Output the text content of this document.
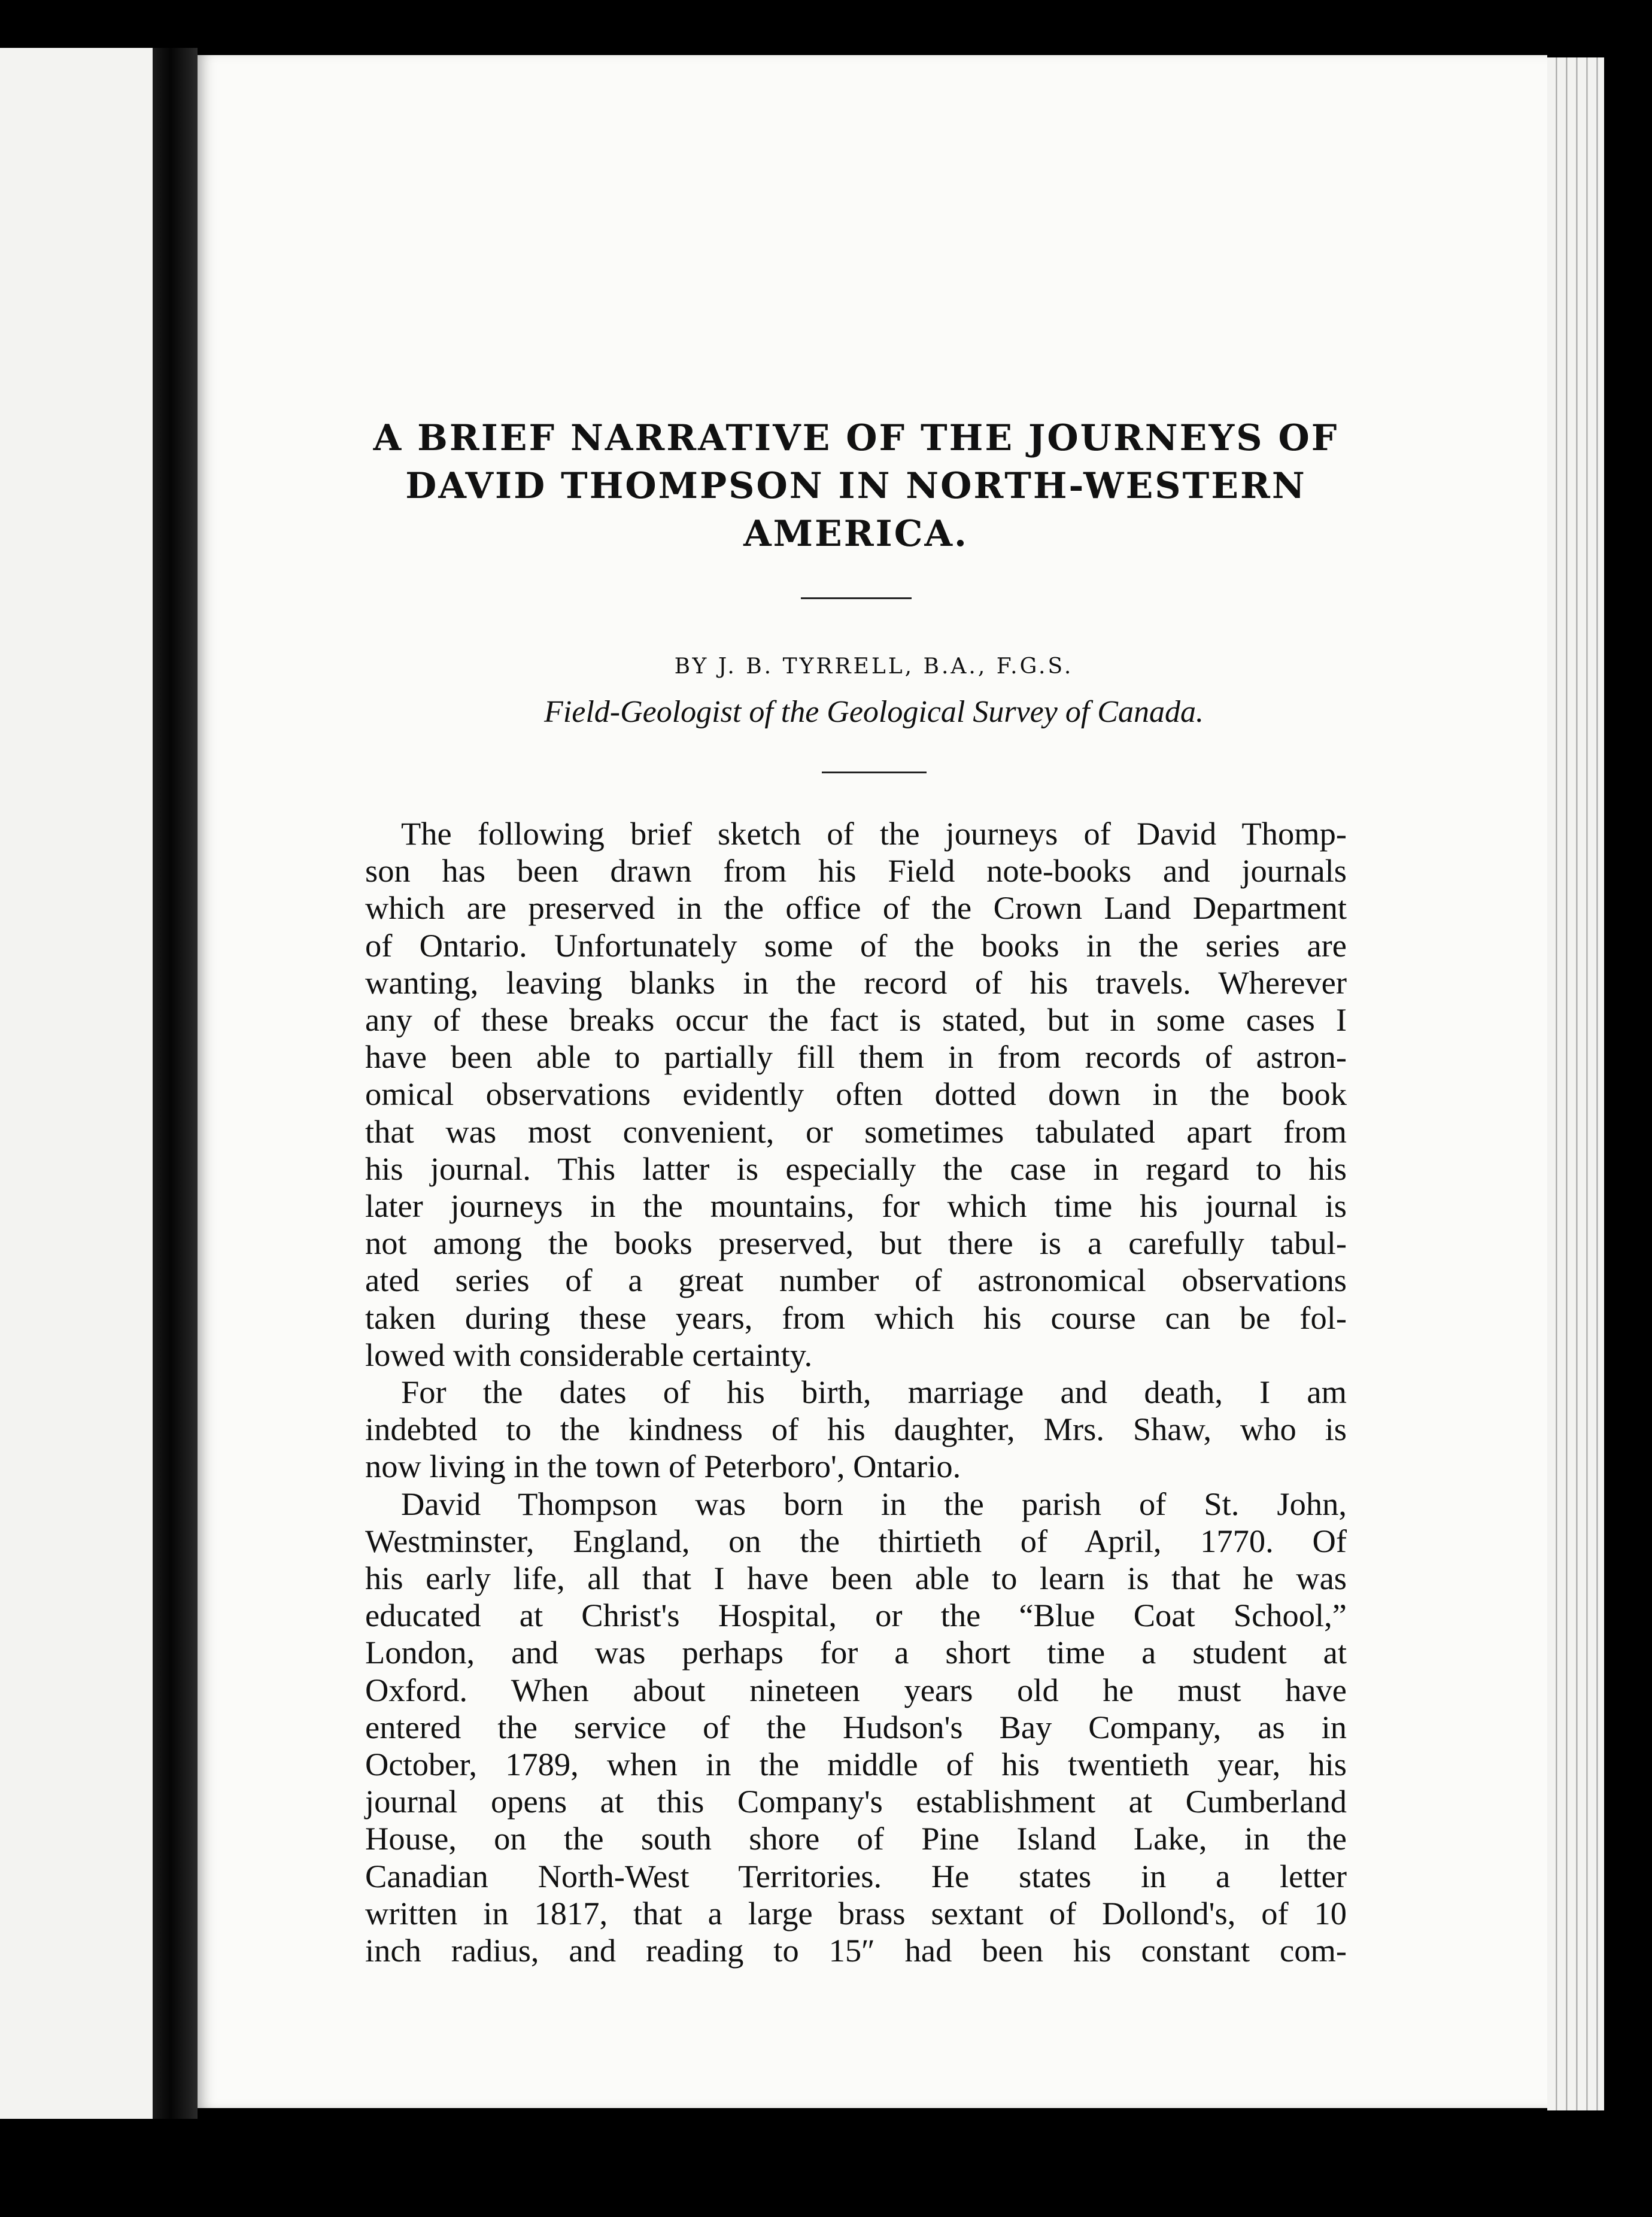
A BRIEF NARRATIVE OF THE JOURNEYS OF
DAVID THOMPSON IN NORTH-WESTERN
AMERICA.
BY J. B. TYRRELL, B.A., F.G.S.
Field-Geologist of the Geological Survey of Canada.
The following brief sketch of the journeys of David Thomp-
son has been drawn from his Field note-books and journals
which are preserved in the office of the Crown Land Department
of Ontario. Unfortunately some of the books in the series are
wanting, leaving blanks in the record of his travels. Wherever
any of these breaks occur the fact is stated, but in some cases I
have been able to partially fill them in from records of astron-
omical observations evidently often dotted down in the book
that was most convenient, or sometimes tabulated apart from
his journal. This latter is especially the case in regard to his
later journeys in the mountains, for which time his journal is
not among the books preserved, but there is a carefully tabul-
ated series of a great number of astronomical observations
taken during these years, from which his course can be fol-
lowed with considerable certainty.
For the dates of his birth, marriage and death, I am
indebted to the kindness of his daughter, Mrs. Shaw, who is
now living in the town of Peterboro', Ontario.
David Thompson was born in the parish of St. John,
Westminster, England, on the thirtieth of April, 1770. Of
his early life, all that I have been able to learn is that he was
educated at Christ's Hospital, or the “Blue Coat School,”
London, and was perhaps for a short time a student at
Oxford. When about nineteen years old he must have
entered the service of the Hudson's Bay Company, as in
October, 1789, when in the middle of his twentieth year, his
journal opens at this Company's establishment at Cumberland
House, on the south shore of Pine Island Lake, in the
Canadian North-West Territories. He states in a letter
written in 1817, that a large brass sextant of Dollond's, of 10
inch radius, and reading to 15″ had been his constant com-
